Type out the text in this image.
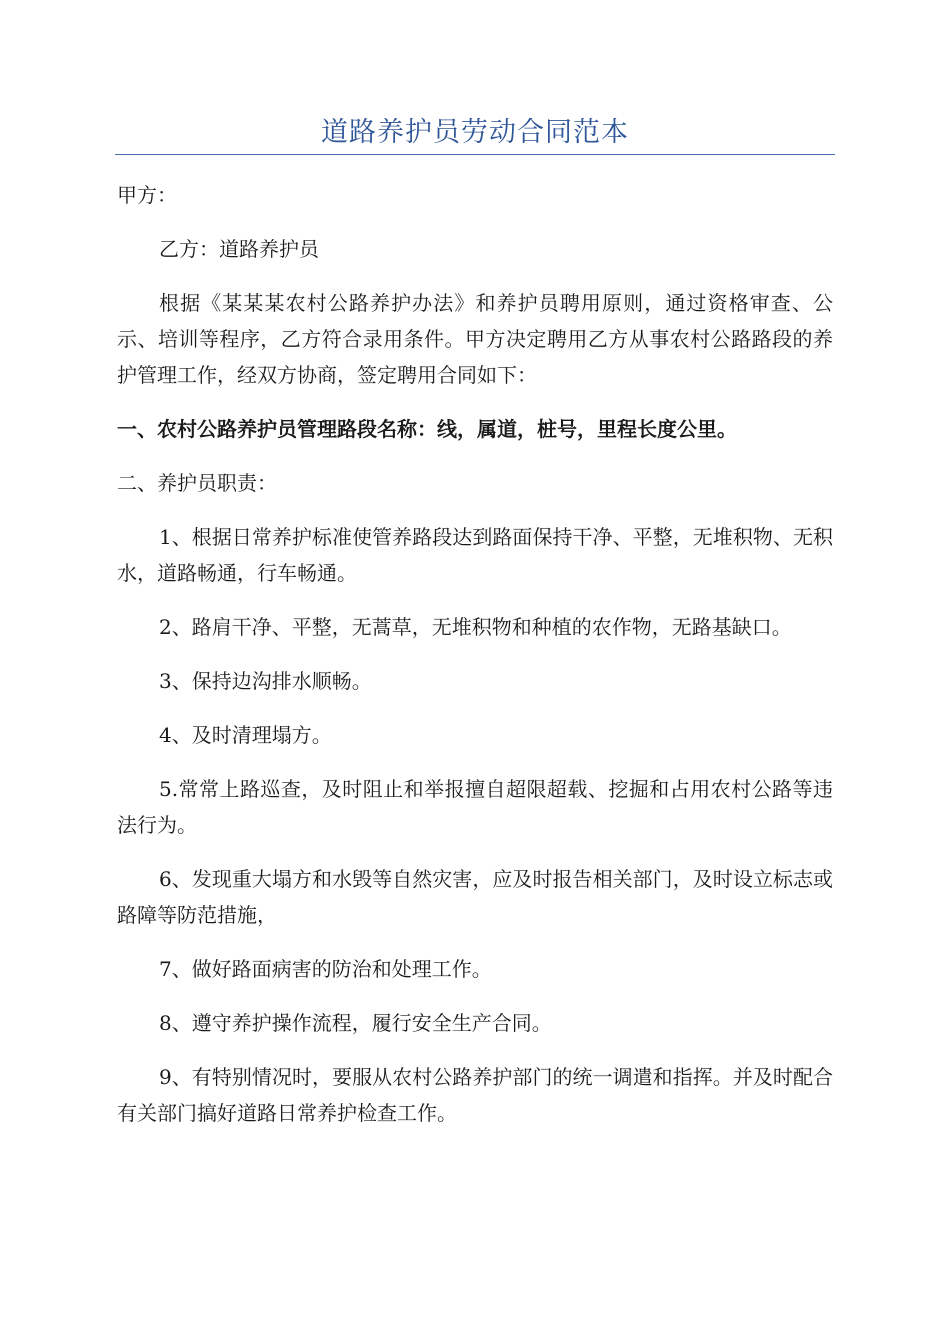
道路养护员劳动合同范本

甲方：

乙方：道路养护员

根据《某某某农村公路养护办法》和养护员聘用原则，通过资格审查、公示、培训等程序，乙方符合录用条件。甲方决定聘用乙方从事农村公路路段的养护管理工作，经双方协商，签定聘用合同如下：

一、农村公路养护员管理路段名称：线，属道，桩号，里程长度公里。

二、养护员职责：

1、根据日常养护标准使管养路段达到路面保持干净、平整，无堆积物、无积水，道路畅通，行车畅通。

2、路肩干净、平整，无蒿草，无堆积物和种植的农作物，无路基缺口。

3、保持边沟排水顺畅。

4、及时清理塌方。

5.常常上路巡查，及时阻止和举报擅自超限超载、挖掘和占用农村公路等违法行为。

6、发现重大塌方和水毁等自然灾害，应及时报告相关部门，及时设立标志或路障等防范措施，

7、做好路面病害的防治和处理工作。

8、遵守养护操作流程，履行安全生产合同。

9、有特别情况时，要服从农村公路养护部门的统一调遣和指挥。并及时配合有关部门搞好道路日常养护检查工作。
